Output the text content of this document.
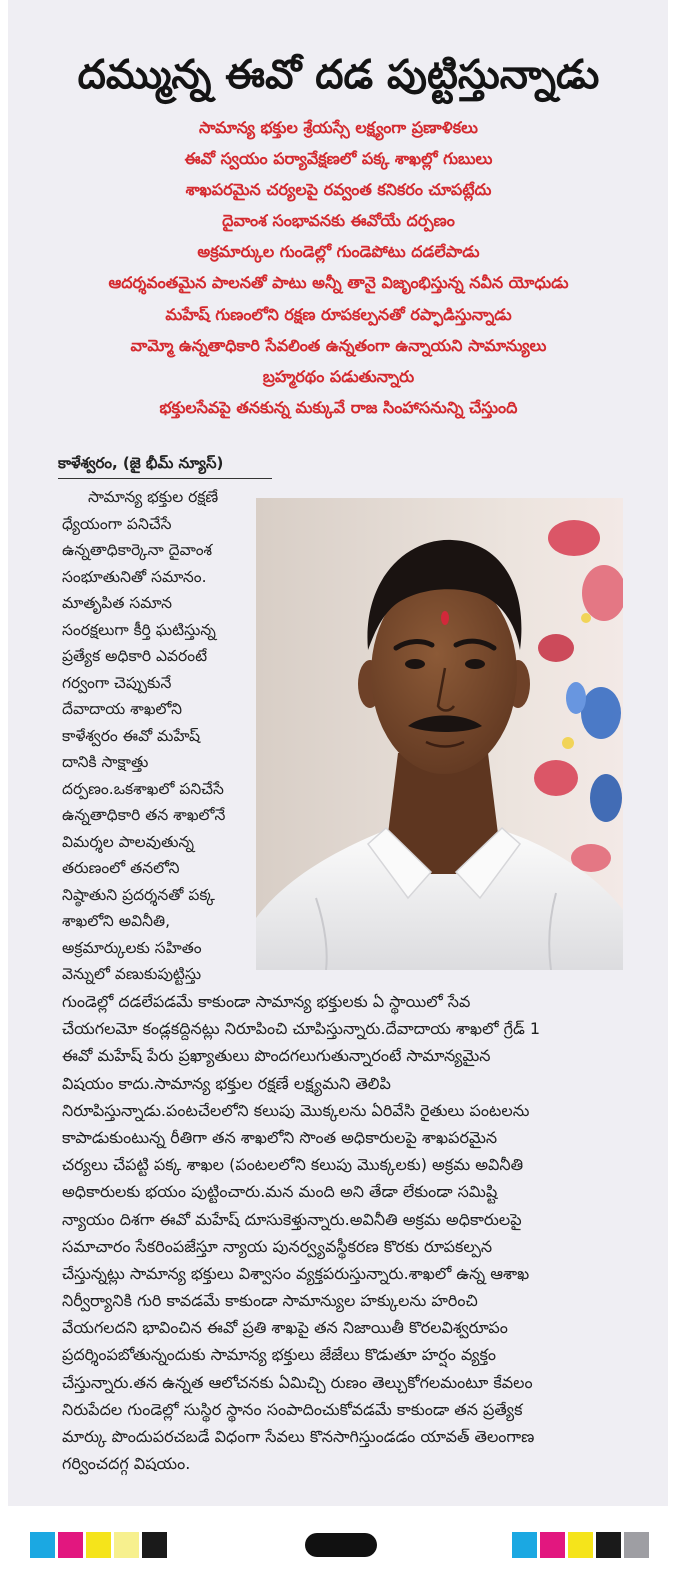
దమ్మున్న ఈవో దడ పుట్టిస్తున్నాడు
సామాన్య భక్తుల శ్రేయస్సే లక్ష్యంగా ప్రణాళికలు
ఈవో స్వయం పర్యావేక్షణలో పక్క శాఖల్లో గుబులు
శాఖపరమైన చర్యలపై రవ్వంత కనికరం చూపట్లేదు
దైవాంశ సంభావనకు ఈవోయే దర్పణం
అక్రమార్కుల గుండెల్లో గుండెపోటు దడలేపాడు
ఆదర్శవంతమైన పాలనతో పాటు అన్నీ తానై విజృంభిస్తున్న నవీన యోధుడు
మహేష్ గుణంలోని రక్షణ రూపకల్పనతో రప్ఫాడిస్తున్నాడు
వామ్మో ఉన్నతాధికారి సేవలింత ఉన్నతంగా ఉన్నాయని సామాన్యులు
బ్రహ్మరథం పడుతున్నారు
భక్తులసేవపై తనకున్న మక్కువే రాజ సింహాసనున్ని చేస్తుంది
కాళేశ్వరం, (జై భీమ్ న్యూస్)
సామాన్య భక్తుల రక్షణే
ధ్యేయంగా పనిచేసే
ఉన్నతాధికార్కెనా దైవాంశ
సంభూతునితో సమానం.
మాతృపిత సమాన
సంరక్షలుగా కీర్తి ఘటిస్తున్న
ప్రత్యేక అధికారి ఎవరంటే
గర్వంగా చెప్పుకునే
దేవాదాయ శాఖలోని
కాళేశ్వరం ఈవో మహేష్
దానికి సాక్షాత్తు
దర్పణం.ఒకశాఖలో పనిచేసే
ఉన్నతాధికారి తన శాఖలోనే
విమర్శల పాలవుతున్న
తరుణంలో తనలోని
నిష్ఠాతుని ప్రదర్శనతో పక్క
శాఖలోని అవినీతి,
అక్రమార్కులకు సహితం
వెన్నులో వణుకుపుట్టిస్తు
గుండెల్లో దడలేపడమే కాకుండా సామాన్య భక్తులకు ఏ స్థాయిలో సేవ
చేయగలమో కండ్లకద్దినట్లు నిరూపించి చూపిస్తున్నారు.దేవాదాయ శాఖలో గ్రేడ్ 1
ఈవో మహేష్ పేరు ప్రఖ్యాతులు పొందగలుగుతున్నారంటే సామాన్యమైన
విషయం కాదు.సామాన్య భక్తుల రక్షణే లక్ష్యమని తెలిపి
నిరూపిస్తున్నాడు.పంటచేలలోని కలుపు మొక్కలను ఏరివేసి రైతులు పంటలను
కాపాడుకుంటున్న రీతిగా తన శాఖలోని సొంత అధికారులపై శాఖపరమైన
చర్యలు చేపట్టి పక్క శాఖల (పంటలలోని కలుపు మొక్కలకు) అక్రమ అవినీతి
అధికారులకు భయం పుట్టించారు.మన మంది అని తేడా లేకుండా సమిష్టి
న్యాయం దిశగా ఈవో మహేష్ దూసుకెళ్తున్నారు.అవినీతి అక్రమ అధికారులపై
సమాచారం సేకరింపజేస్తూ న్యాయ పునర్వ్యవస్థీకరణ కొరకు రూపకల్పన
చేస్తున్నట్లు సామాన్య భక్తులు విశ్వాసం వ్యక్తపరుస్తున్నారు.శాఖలో ఉన్న ఆశాఖ
నిర్వీర్యానికి గురి కావడమే కాకుండా సామాన్యుల హక్కులను హరించి
వేయగలదని భావించిన ఈవో ప్రతి శాఖపై తన నిజాయితీ కొరలవిశ్వరూపం
ప్రదర్శింపబోతున్నందుకు సామాన్య భక్తులు జేజేలు కొడుతూ హర్షం వ్యక్తం
చేస్తున్నారు.తన ఉన్నత ఆలోచనకు ఏమిచ్చి రుణం తెల్చుకోగలమంటూ కేవలం
నిరుపేదల గుండెల్లో సుస్థిర స్థానం సంపాదించుకోవడమే కాకుండా తన ప్రత్యేక
మార్కు పొందుపరచబడే విధంగా సేవలు కొనసాగిస్తుండడం యావత్ తెలంగాణ
గర్వించదగ్గ విషయం.
